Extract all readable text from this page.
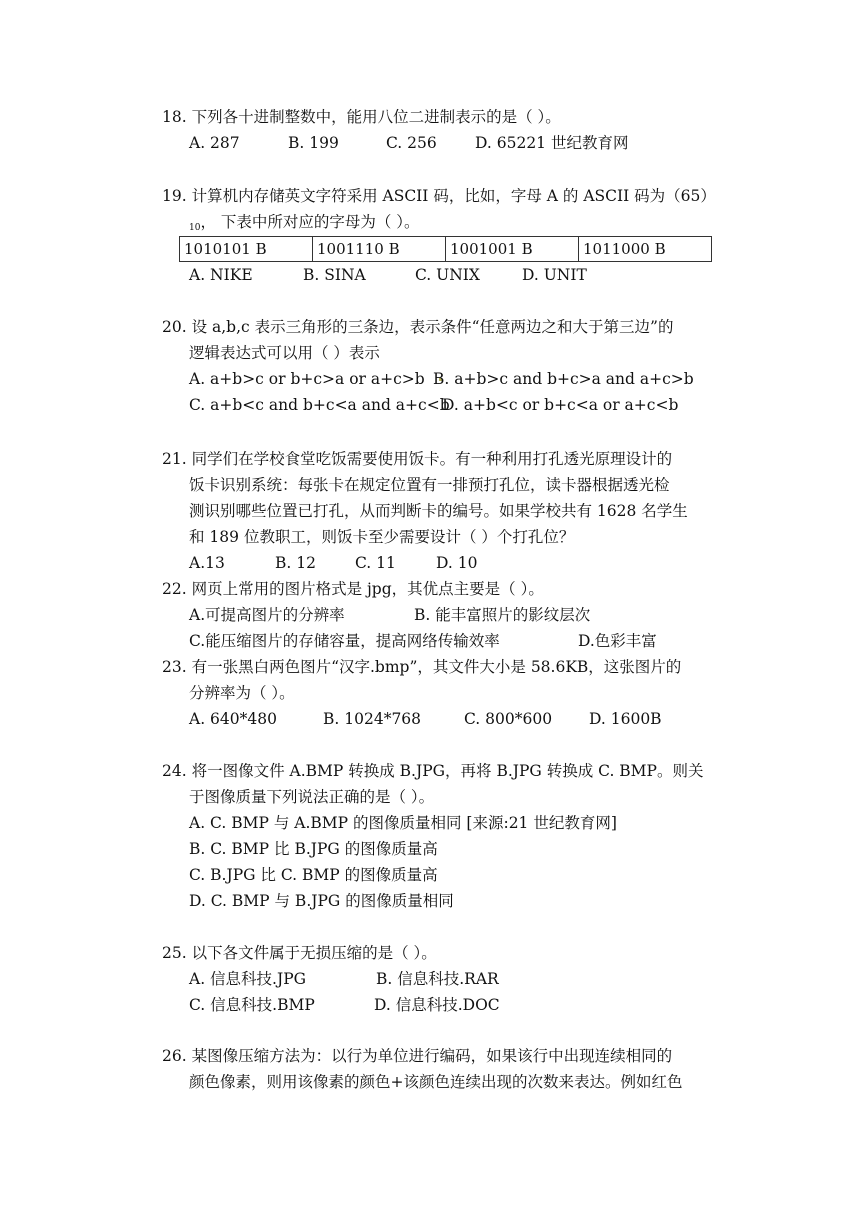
18. 下列各十进制整数中，能用八位二进制表示的是（ ）。
A. 287	B. 199	C. 256 D. 65221 世纪教育网
19. 计算机内存储英文字符采用 ASCII 码，比如，字母 A 的 ASCII 码为（65）
$_{10}$， 下表中所对应的字母为（ ）。
1010101 B	1001110 B	1001001 B	1011000 B
A. NIKE	B. SINA	C. UNIX	D. UNIT
20. 设 a,b,c 表示三角形的三条边，表示条件“任意两边之和大于第三边”的
逻辑表达式可以用（ ）表示
A. a+b>c or b+c>a or a+c>b B. a+b>c and b+c>a and a+c>b
C. a+b<c and b+c<a and a+c<b
D. a+b<c or b+c<a or a+c<b
21. 同学们在学校食堂吃饭需要使用饭卡。有一种利用打孔透光原理设计的
饭卡识别系统：每张卡在规定位置有一排预打孔位，读卡器根据透光检
测识别哪些位置已打孔，从而判断卡的编号。如果学校共有 1628 名学生
和 189 位教职工，则饭卡至少需要设计（ ）个打孔位？
A.13	B. 12	C. 11	D. 10
22. 网页上常用的图片格式是 jpg，其优点主要是（ ）。
A.可提高图片的分辨率	B. 能丰富照片的影纹层次
C.能压缩图片的存储容量，提高网络传输效率	D.色彩丰富
23. 有一张黑白两色图片“汉字.bmp”，其文件大小是 58.6KB，这张图片的
分辨率为（ ）。
A. 640*480	B. 1024*768	C. 800*600 D. 1600B
24. 将一图像文件 A.BMP 转换成 B.JPG，再将 B.JPG 转换成 C. BMP。则关
于图像质量下列说法正确的是（ ）。
A. C. BMP 与 A.BMP 的图像质量相同 [来源:21 世纪教育网]
B. C. BMP 比 B.JPG 的图像质量高
C. B.JPG 比 C. BMP 的图像质量高
D. C. BMP 与 B.JPG 的图像质量相同
25. 以下各文件属于无损压缩的是（ ）。
A. 信息科技.JPG	B. 信息科技.RAR
C. 信息科技.BMP	D. 信息科技.DOC
26. 某图像压缩方法为：以行为单位进行编码，如果该行中出现连续相同的
颜色像素，则用该像素的颜色+该颜色连续出现的次数来表达。例如红色
